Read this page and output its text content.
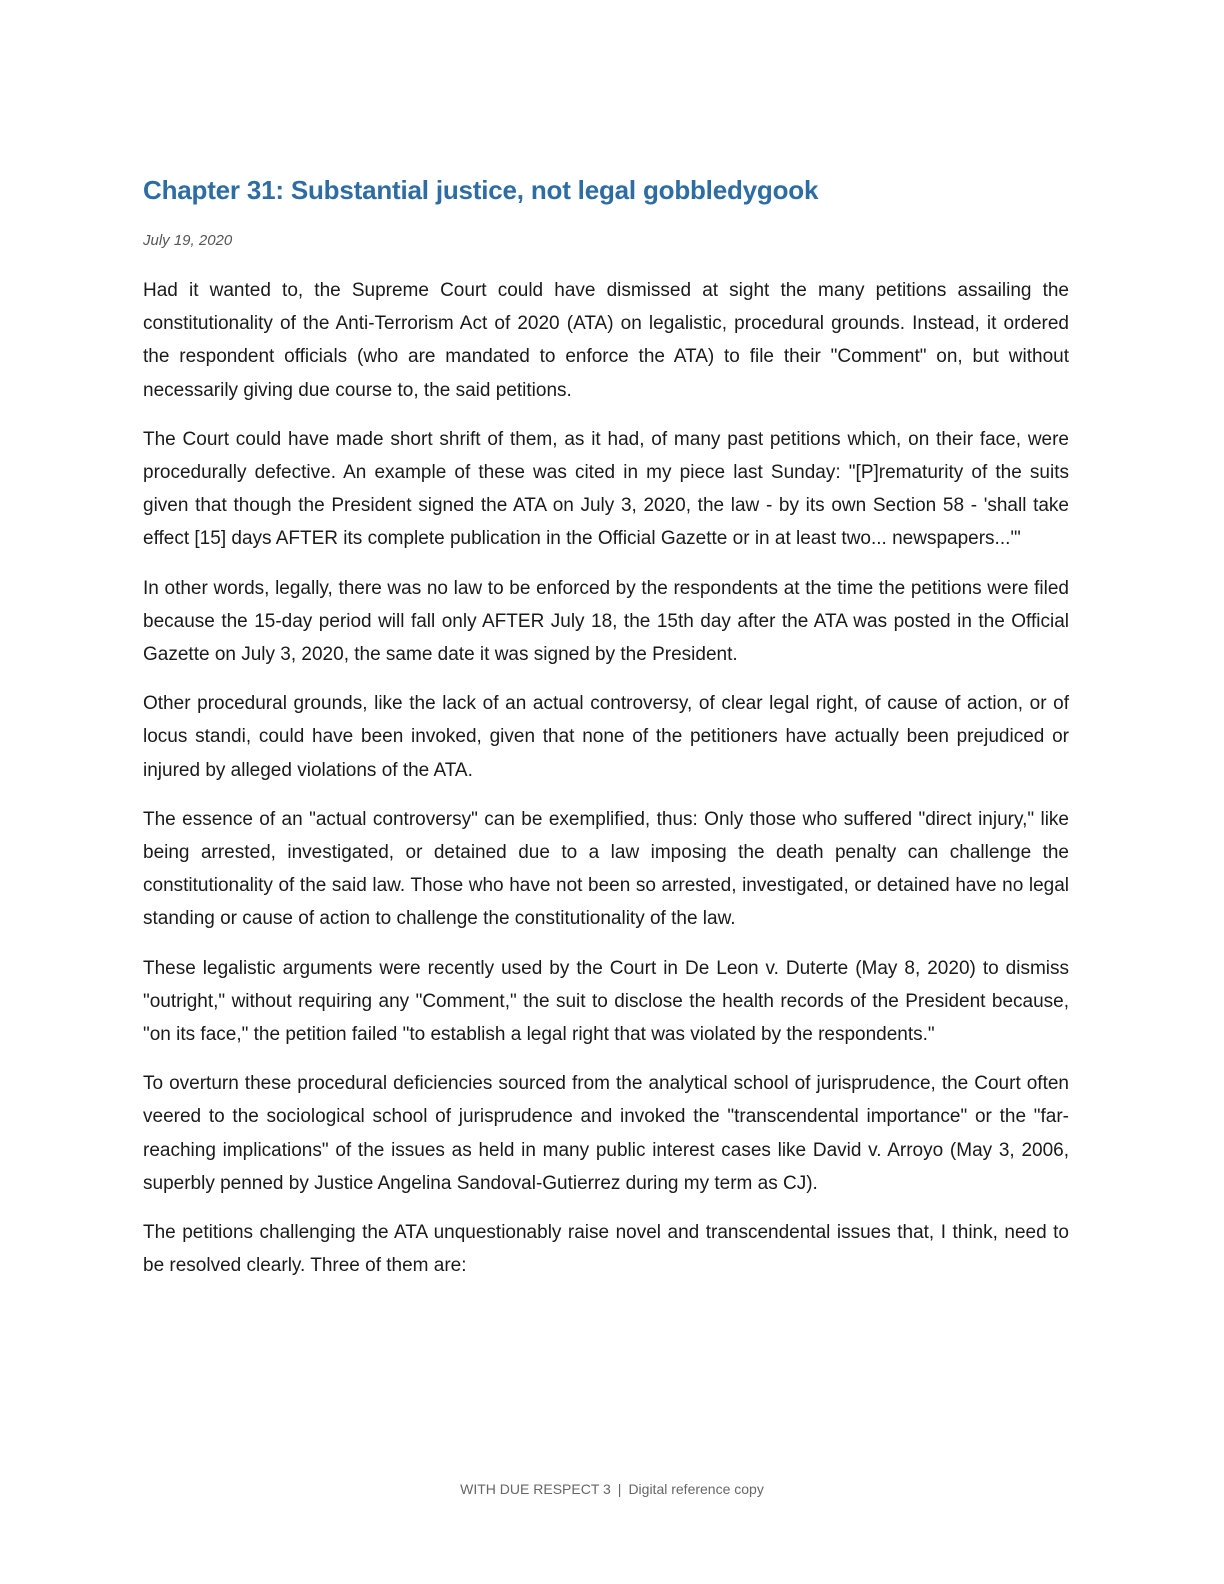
Chapter 31: Substantial justice, not legal gobbledygook
July 19, 2020

Had it wanted to, the Supreme Court could have dismissed at sight the many petitions assailing the constitutionality of the Anti-Terrorism Act of 2020 (ATA) on legalistic, procedural grounds. Instead, it ordered the respondent officials (who are mandated to enforce the ATA) to file their "Comment" on, but without necessarily giving due course to, the said petitions.

The Court could have made short shrift of them, as it had, of many past petitions which, on their face, were procedurally defective. An example of these was cited in my piece last Sunday: "[P]rematurity of the suits given that though the President signed the ATA on July 3, 2020, the law - by its own Section 58 - 'shall take effect [15] days AFTER its complete publication in the Official Gazette or in at least two... newspapers...'"

In other words, legally, there was no law to be enforced by the respondents at the time the petitions were filed because the 15-day period will fall only AFTER July 18, the 15th day after the ATA was posted in the Official Gazette on July 3, 2020, the same date it was signed by the President.

Other procedural grounds, like the lack of an actual controversy, of clear legal right, of cause of action, or of locus standi, could have been invoked, given that none of the petitioners have actually been prejudiced or injured by alleged violations of the ATA.

The essence of an "actual controversy" can be exemplified, thus: Only those who suffered "direct injury," like being arrested, investigated, or detained due to a law imposing the death penalty can challenge the constitutionality of the said law. Those who have not been so arrested, investigated, or detained have no legal standing or cause of action to challenge the constitutionality of the law.

These legalistic arguments were recently used by the Court in De Leon v. Duterte (May 8, 2020) to dismiss "outright," without requiring any "Comment," the suit to disclose the health records of the President because, "on its face," the petition failed "to establish a legal right that was violated by the respondents."

To overturn these procedural deficiencies sourced from the analytical school of jurisprudence, the Court often veered to the sociological school of jurisprudence and invoked the "transcendental importance" or the "far-reaching implications" of the issues as held in many public interest cases like David v. Arroyo (May 3, 2006, superbly penned by Justice Angelina Sandoval-Gutierrez during my term as CJ).

The petitions challenging the ATA unquestionably raise novel and transcendental issues that, I think, need to be resolved clearly. Three of them are:

WITH DUE RESPECT 3 | Digital reference copy
